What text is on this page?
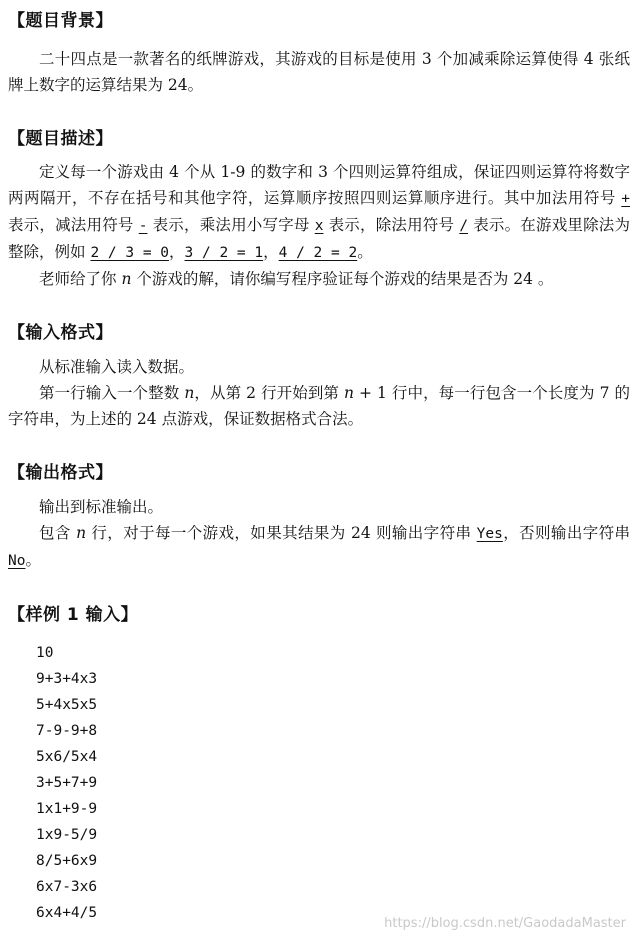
【题目背景】

二十四点是一款著名的纸牌游戏，其游戏的目标是使用 3 个加减乘除运算使得 4 张纸牌上数字的运算结果为 24。

【题目描述】

定义每一个游戏由 4 个从 1-9 的数字和 3 个四则运算符组成，保证四则运算符将数字两两隔开，不存在括号和其他字符，运算顺序按照四则运算顺序进行。其中加法用符号 + 表示，减法用符号 - 表示，乘法用小写字母 x 表示，除法用符号 / 表示。在游戏里除法为整除，例如 2 / 3 = 0，3 / 2 = 1，4 / 2 = 2。

老师给了你 n 个游戏的解，请你编写程序验证每个游戏的结果是否为 24 。

【输入格式】

从标准输入读入数据。

第一行输入一个整数 n，从第 2 行开始到第 n + 1 行中，每一行包含一个长度为 7 的字符串，为上述的 24 点游戏，保证数据格式合法。

【输出格式】

输出到标准输出。

包含 n 行，对于每一个游戏，如果其结果为 24 则输出字符串 Yes，否则输出字符串 No。

【样例 1 输入】
10
9+3+4x3
5+4x5x5
7-9-9+8
5x6/5x4
3+5+7+9
1x1+9-9
1x9-5/9
8/5+6x9
6x7-3x6
6x4+4/5
https://blog.csdn.net/GaodadaMaster
